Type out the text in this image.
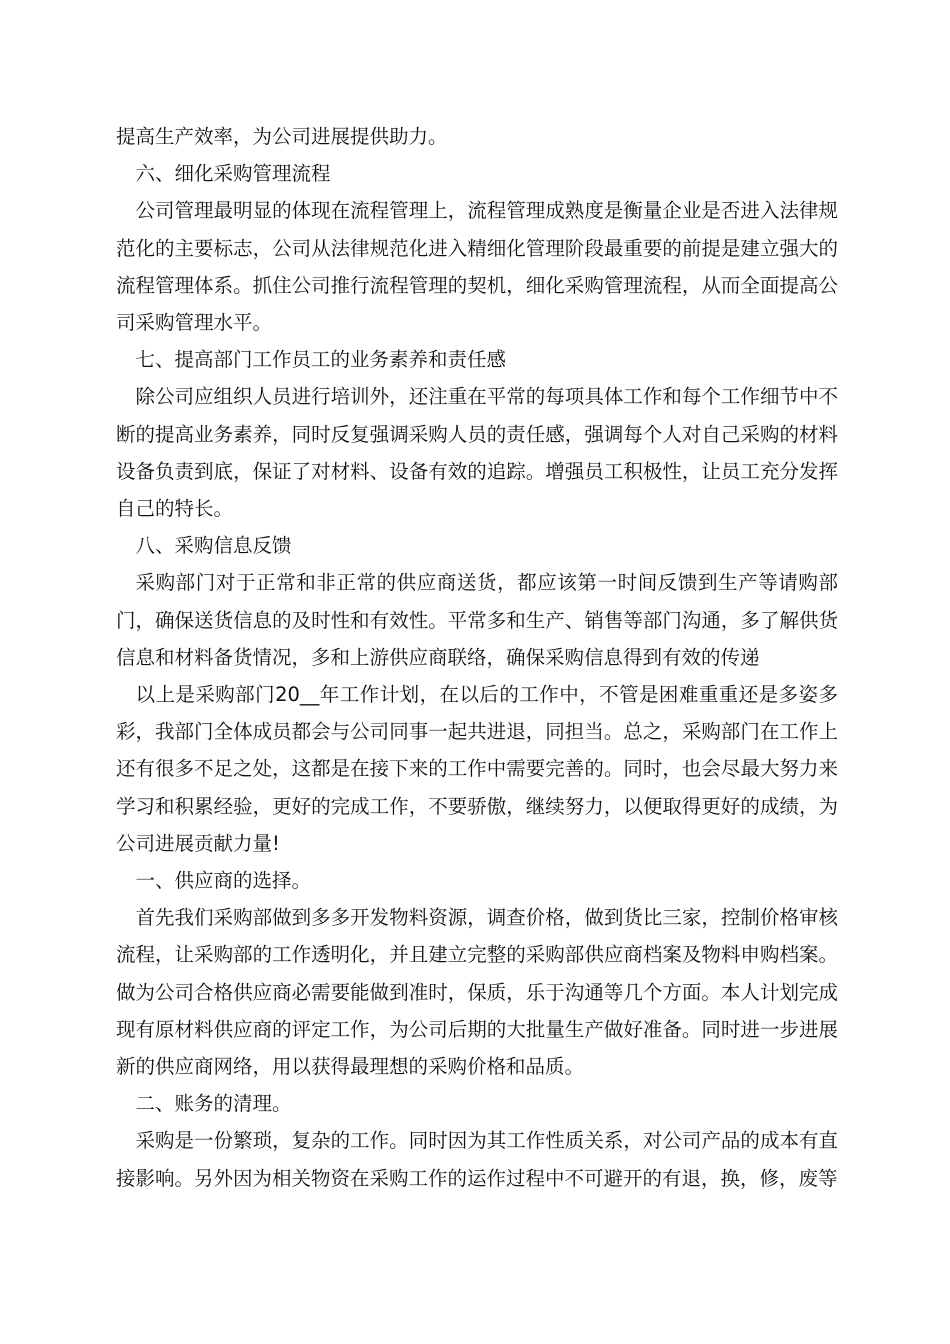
提高生产效率，为公司进展提供助力。

六、细化采购管理流程

公司管理最明显的体现在流程管理上，流程管理成熟度是衡量企业是否进入法律规范化的主要标志，公司从法律规范化进入精细化管理阶段最重要的前提是建立强大的流程管理体系。抓住公司推行流程管理的契机，细化采购管理流程，从而全面提高公司采购管理水平。

七、提高部门工作员工的业务素养和责任感

除公司应组织人员进行培训外，还注重在平常的每项具体工作和每个工作细节中不断的提高业务素养，同时反复强调采购人员的责任感，强调每个人对自己采购的材料设备负责到底，保证了对材料、设备有效的追踪。增强员工积极性，让员工充分发挥自己的特长。

八、采购信息反馈

采购部门对于正常和非正常的供应商送货，都应该第一时间反馈到生产等请购部门，确保送货信息的及时性和有效性。平常多和生产、销售等部门沟通，多了解供货信息和材料备货情况，多和上游供应商联络，确保采购信息得到有效的传递

以上是采购部门20__年工作计划，在以后的工作中，不管是困难重重还是多姿多彩，我部门全体成员都会与公司同事一起共进退，同担当。总之，采购部门在工作上还有很多不足之处，这都是在接下来的工作中需要完善的。同时，也会尽最大努力来学习和积累经验，更好的完成工作，不要骄傲，继续努力，以便取得更好的成绩，为公司进展贡献力量!

一、供应商的选择。

首先我们采购部做到多多开发物料资源，调查价格，做到货比三家，控制价格审核流程，让采购部的工作透明化，并且建立完整的采购部供应商档案及物料申购档案。做为公司合格供应商必需要能做到准时，保质，乐于沟通等几个方面。本人计划完成现有原材料供应商的评定工作，为公司后期的大批量生产做好准备。同时进一步进展新的供应商网络，用以获得最理想的采购价格和品质。

二、账务的清理。

采购是一份繁琐，复杂的工作。同时因为其工作性质关系，对公司产品的成本有直接影响。另外因为相关物资在采购工作的运作过程中不可避开的有退，换，修，废等
